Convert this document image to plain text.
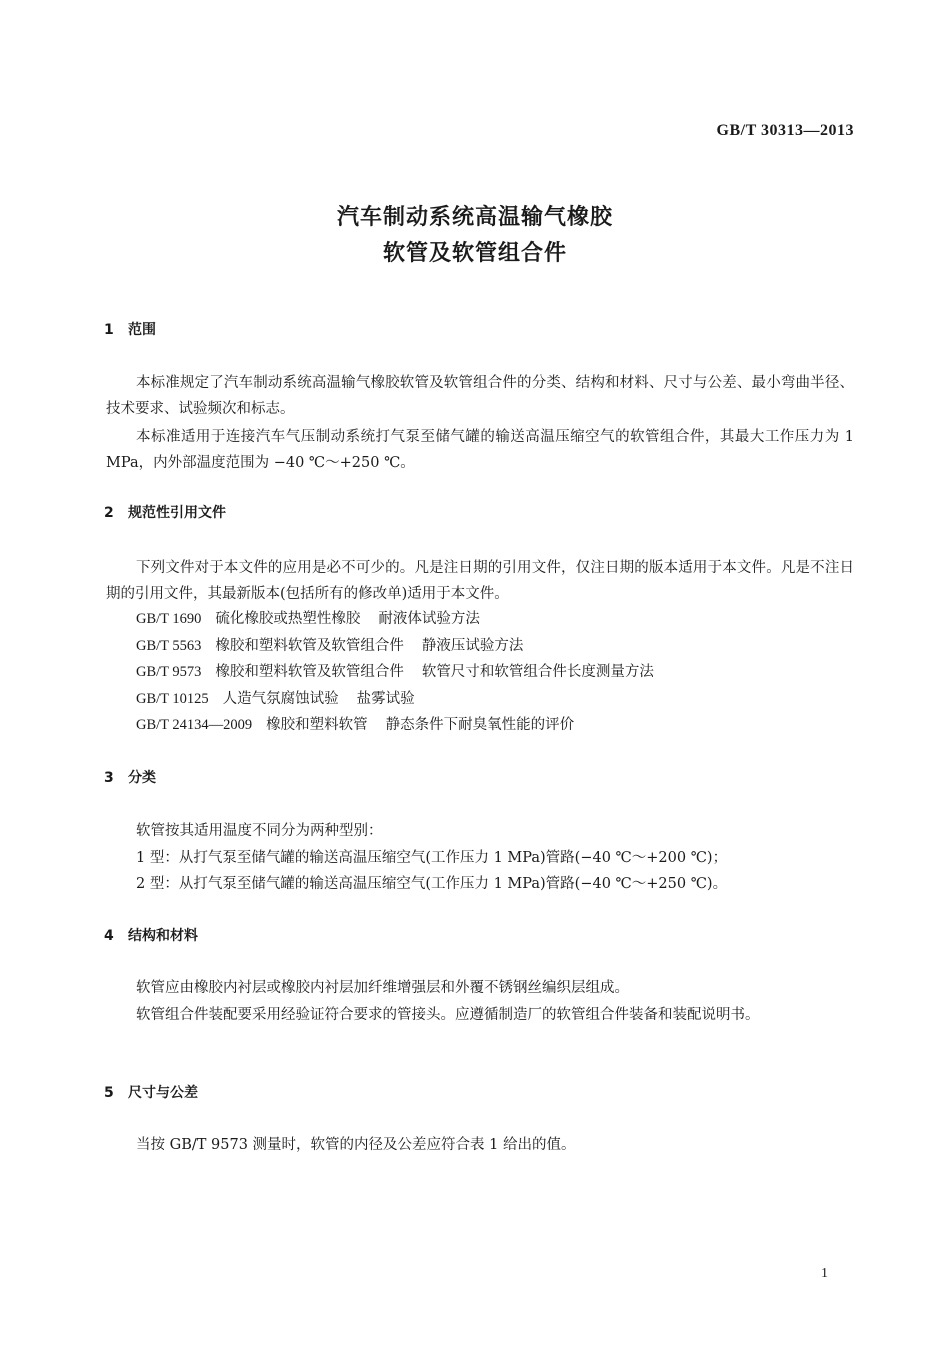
GB/T 30313—2013
汽车制动系统高温输气橡胶
软管及软管组合件
1 范围
本标准规定了汽车制动系统高温输气橡胶软管及软管组合件的分类、结构和材料、尺寸与公差、最小弯曲半径、技术要求、试验频次和标志。
本标准适用于连接汽车气压制动系统打气泵至储气罐的输送高温压缩空气的软管组合件，其最大工作压力为 1 MPa，内外部温度范围为 −40 ℃～+250 ℃。
2 规范性引用文件
下列文件对于本文件的应用是必不可少的。凡是注日期的引用文件，仅注日期的版本适用于本文件。凡是不注日期的引用文件，其最新版本(包括所有的修改单)适用于本文件。
GB/T 1690 硫化橡胶或热塑性橡胶 耐液体试验方法
GB/T 5563 橡胶和塑料软管及软管组合件 静液压试验方法
GB/T 9573 橡胶和塑料软管及软管组合件 软管尺寸和软管组合件长度测量方法
GB/T 10125 人造气氛腐蚀试验 盐雾试验
GB/T 24134—2009 橡胶和塑料软管 静态条件下耐臭氧性能的评价
3 分类
软管按其适用温度不同分为两种型别：
1 型：从打气泵至储气罐的输送高温压缩空气(工作压力 1 MPa)管路(−40 ℃～+200 ℃)；
2 型：从打气泵至储气罐的输送高温压缩空气(工作压力 1 MPa)管路(−40 ℃～+250 ℃)。
4 结构和材料
软管应由橡胶内衬层或橡胶内衬层加纤维增强层和外覆不锈钢丝编织层组成。
软管组合件装配要采用经验证符合要求的管接头。应遵循制造厂的软管组合件装备和装配说明书。
5 尺寸与公差
当按 GB/T 9573 测量时，软管的内径及公差应符合表 1 给出的值。
1
